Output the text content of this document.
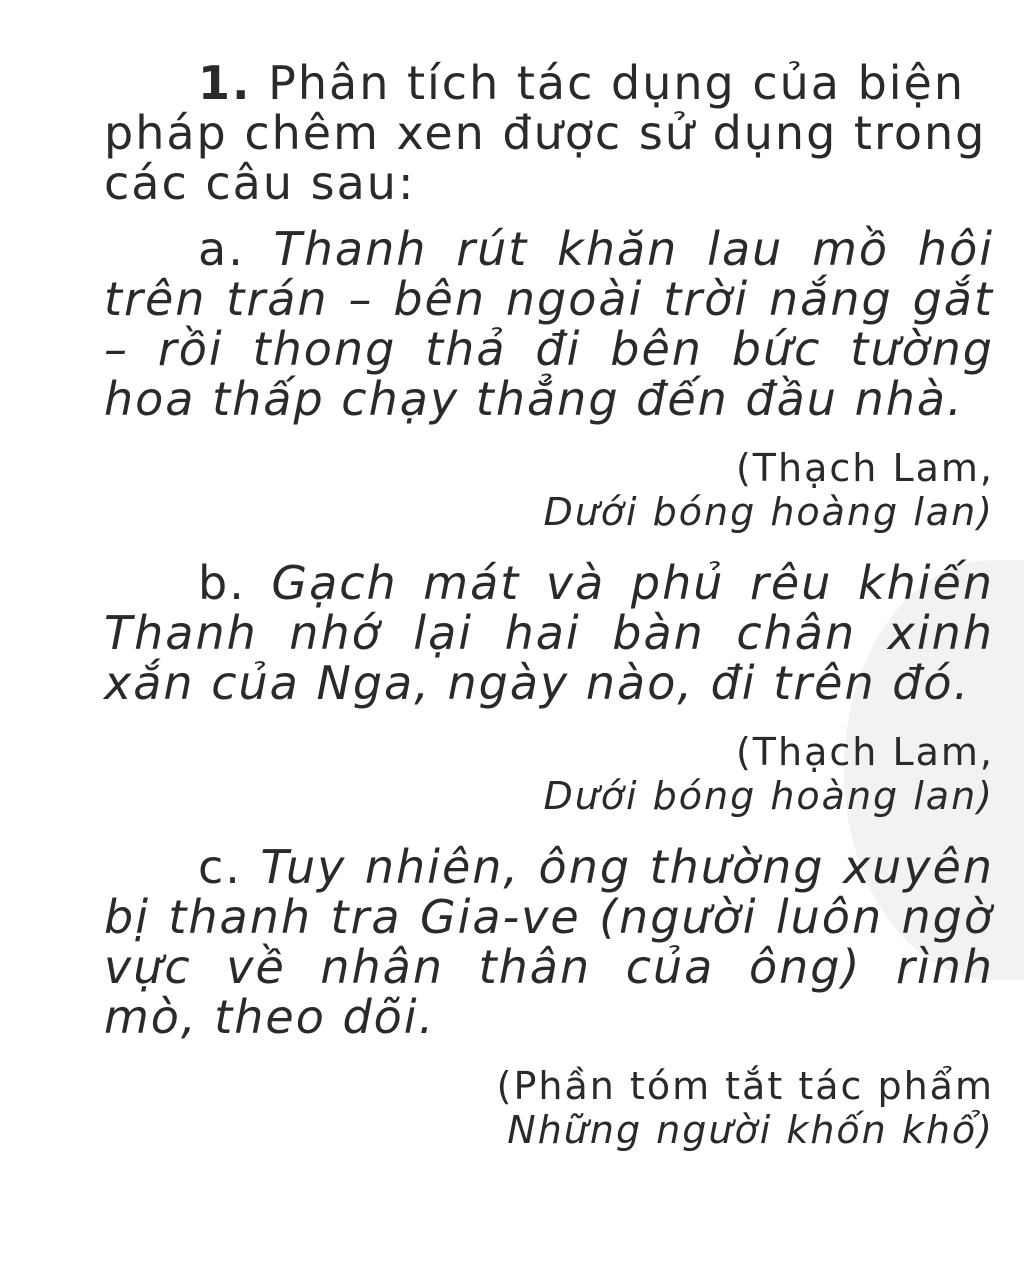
1. Phân tích tác dụng của biện pháp chêm xen được sử dụng trong các câu sau:

a. Thanh rút khăn lau mồ hôi trên trán – bên ngoài trời nắng gắt – rồi thong thả đi bên bức tường hoa thấp chạy thẳng đến đầu nhà.

(Thạch Lam,
Dưới bóng hoàng lan)

b. Gạch mát và phủ rêu khiến Thanh nhớ lại hai bàn chân xinh xắn của Nga, ngày nào, đi trên đó.

(Thạch Lam,
Dưới bóng hoàng lan)

c. Tuy nhiên, ông thường xuyên bị thanh tra Gia-ve (người luôn ngờ vực về nhân thân của ông) rình mò, theo dõi.

(Phần tóm tắt tác phẩm
Những người khốn khổ)
